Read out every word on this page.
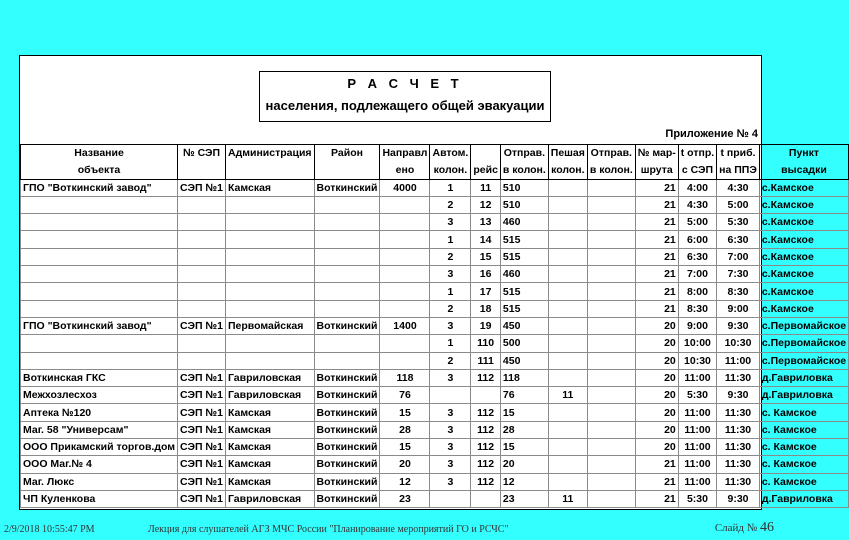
Р А С Ч Е Т
населения, подлежащего общей эвакуации
Приложение № 4
Название	№ СЭП	Администрация	Район	Направл	Автом.		Отправ.	Пешая	Отправ.	№ мар-	t отпр.	t приб.	Пункт
объекта				ено	колон.	рейс	в колон.	колон.	в колон.	шрута	с СЭП	на ППЭ	высадки
ГПО "Воткинский завод"	СЭП №1	Камская	Воткинский	4000	1	11	510			21	4:00	4:30	с.Камское
					2	12	510			21	4:30	5:00	с.Камское
					3	13	460			21	5:00	5:30	с.Камское
					1	14	515			21	6:00	6:30	с.Камское
					2	15	515			21	6:30	7:00	с.Камское
					3	16	460			21	7:00	7:30	с.Камское
					1	17	515			21	8:00	8:30	с.Камское
					2	18	515			21	8:30	9:00	с.Камское
ГПО "Воткинский завод"	СЭП №1	Первомайская	Воткинский	1400	3	19	450			20	9:00	9:30	с.Первомайское
					1	110	500			20	10:00	10:30	с.Первомайское
					2	111	450			20	10:30	11:00	с.Первомайское
Воткинская ГКС	СЭП №1	Гавриловская	Воткинский	118	3	112	118			20	11:00	11:30	д.Гавриловка
Межхозлесхоз	СЭП №1	Гавриловская	Воткинский	76			76	11		20	5:30	9:30	д.Гавриловка
Аптека №120	СЭП №1	Камская	Воткинский	15	3	112	15			20	11:00	11:30	с. Камское
Маг. 58 "Универсам"	СЭП №1	Камская	Воткинский	28	3	112	28			20	11:00	11:30	с. Камское
ООО Прикамский торгов.дом	СЭП №1	Камская	Воткинский	15	3	112	15			20	11:00	11:30	с. Камское
ООО Маг.№ 4	СЭП №1	Камская	Воткинский	20	3	112	20			21	11:00	11:30	с. Камское
Маг. Люкс	СЭП №1	Камская	Воткинский	12	3	112	12			21	11:00	11:30	с. Камское
ЧП Куленкова	СЭП №1	Гавриловская	Воткинский	23			23	11		21	5:30	9:30	д.Гавриловка
2/9/2018 10:55:47 PM	Лекция для слушателей АГЗ МЧС России "Планирование мероприятий ГО и РСЧС"	Слайд № 46
